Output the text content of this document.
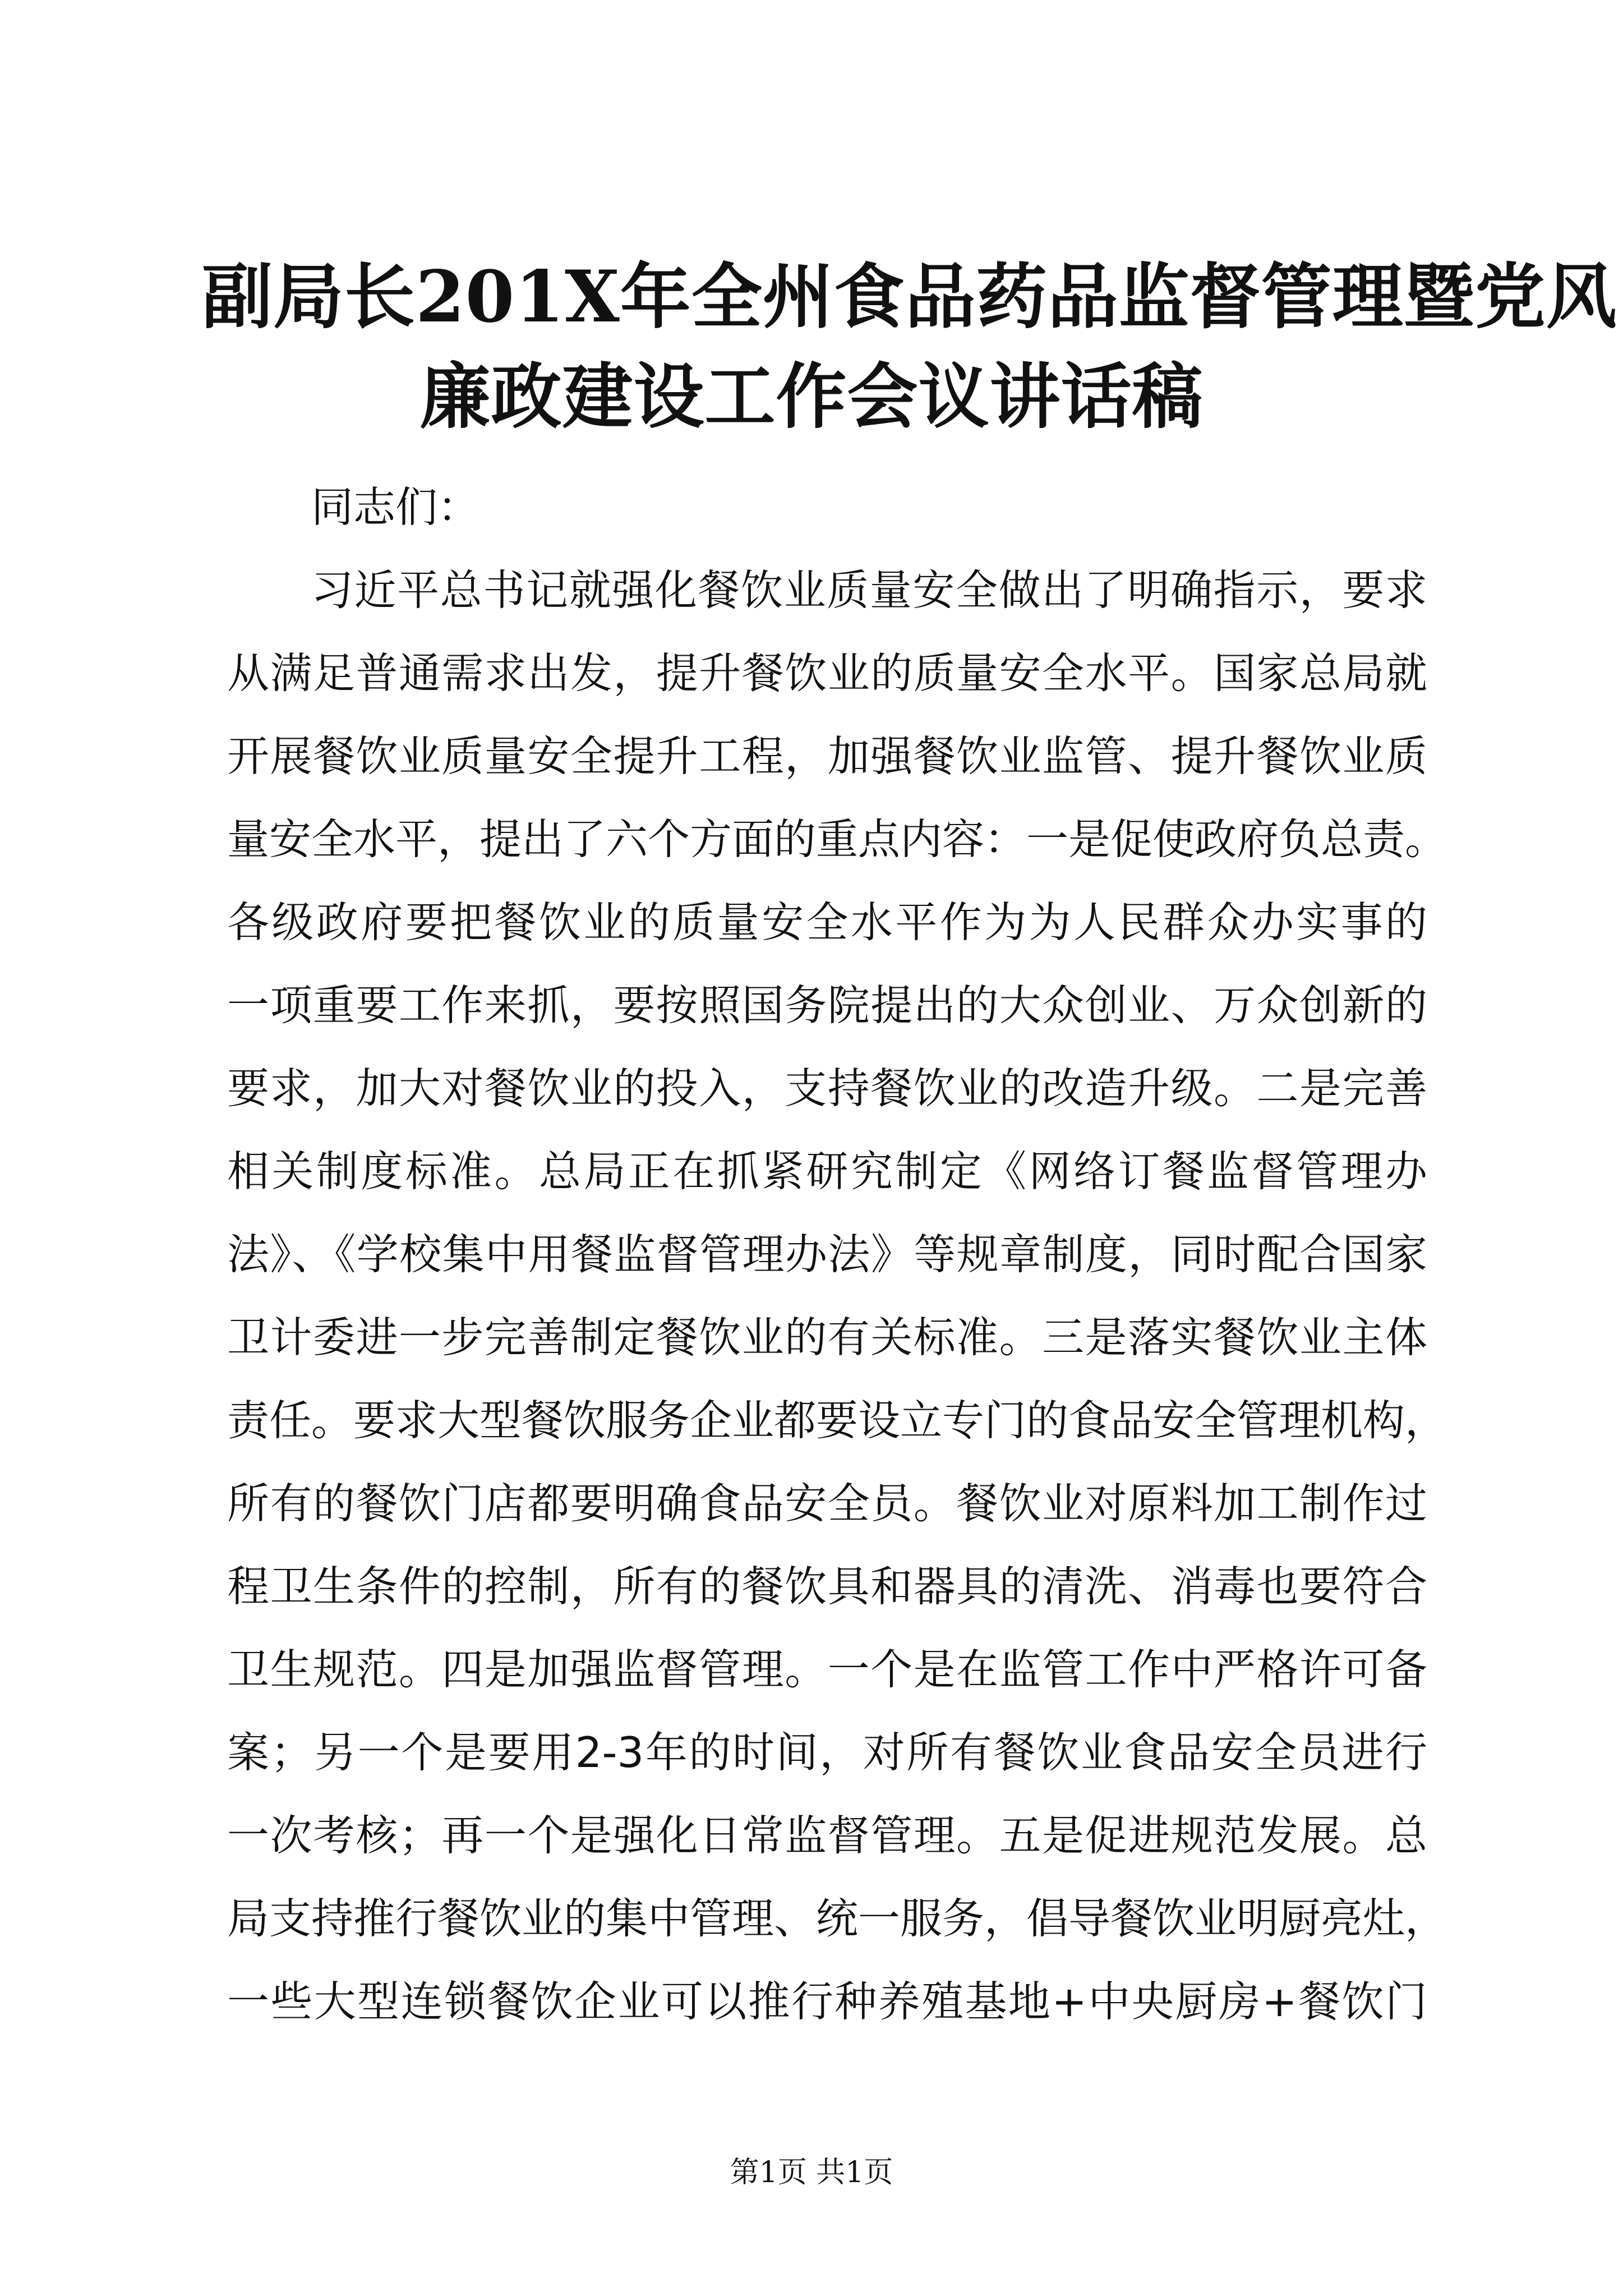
副局长201X年全州食品药品监督管理暨党风
廉政建设工作会议讲话稿
同志们：
习近平总书记就强化餐饮业质量安全做出了明确指示，要求
从满足普通需求出发，提升餐饮业的质量安全水平。国家总局就
开展餐饮业质量安全提升工程，加强餐饮业监管、提升餐饮业质
量安全水平，提出了六个方面的重点内容：一是促使政府负总责。
各级政府要把餐饮业的质量安全水平作为为人民群众办实事的
一项重要工作来抓，要按照国务院提出的大众创业、万众创新的
要求，加大对餐饮业的投入，支持餐饮业的改造升级。二是完善
相关制度标准。总局正在抓紧研究制定《网络订餐监督管理办
法》、《学校集中用餐监督管理办法》等规章制度，同时配合国家
卫计委进一步完善制定餐饮业的有关标准。三是落实餐饮业主体
责任。要求大型餐饮服务企业都要设立专门的食品安全管理机构，
所有的餐饮门店都要明确食品安全员。餐饮业对原料加工制作过
程卫生条件的控制，所有的餐饮具和器具的清洗、消毒也要符合
卫生规范。四是加强监督管理。一个是在监管工作中严格许可备
案；另一个是要用2-3年的时间，对所有餐饮业食品安全员进行
一次考核；再一个是强化日常监督管理。五是促进规范发展。总
局支持推行餐饮业的集中管理、统一服务，倡导餐饮业明厨亮灶，
一些大型连锁餐饮企业可以推行种养殖基地+中央厨房+餐饮门
第1页 共1页
